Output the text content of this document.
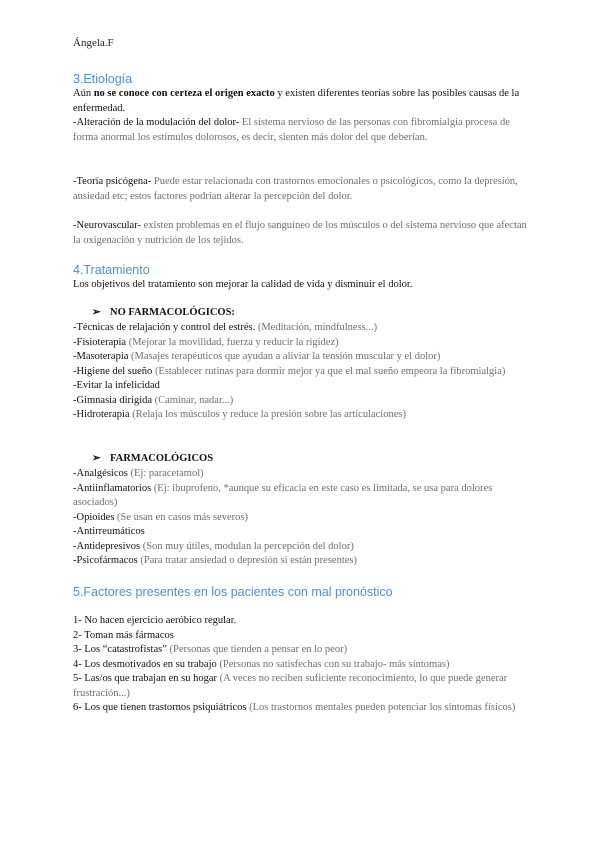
Ángela.F
3.Etiología
Aún no se conoce con certeza el origen exacto y existen diferentes teorías sobre las posibles causas de la enfermedad.
-Alteración de la modulación del dolor- El sistema nervioso de las personas con fibromialgia procesa de forma anormal los estímulos dolorosos, es decir, sienten más dolor del que deberían.
-Teoría psicógena- Puede estar relacionada con trastornos emocionales o psicológicos, como la depresión, ansiedad etc; estos factores podrían alterar la percepción del dolor.
-Neurovascular- existen problemas en el flujo sanguíneo de los músculos o del sistema nervioso que afectan la oxigenación y nutrición de los tejidos.
4.Tratamiento
Los objetivos del tratamiento son mejorar la calidad de vida y disminuir el dolor.
➢ NO FARMACOLÓGICOS:
-Técnicas de relajación y control del estrés. (Meditación, mindfulness...)
-Fisioterapia (Mejorar la movilidad, fuerza y reducir la rigidez)
-Masoterapia (Masajes terapéuticos que ayudan a aliviar la tensión muscular y el dolor)
-Higiene del sueño (Establecer rutinas para dormir mejor ya que el mal sueño empeora la fibromialgia)
-Evitar la infelicidad
-Gimnasia dirigida (Caminar, nadar...)
-Hidroterapia (Relaja los músculos y reduce la presión sobre las articulaciones)
➢ FARMACOLÓGICOS
-Analgésicos (Ej: paracetamol)
-Antiinflamatorios (Ej: ibuprofeno, *aunque su eficacia en este caso es limitada, se usa para dolores asociados)
-Opioides (Se usan en casos más severos)
-Antirreumáticos
-Antidepresivos (Son muy útiles, modulan la percepción del dolor)
-Psicofármacos (Para tratar ansiedad o depresión si están presentes)
5.Factores presentes en los pacientes con mal pronóstico
1- No hacen ejercicio aeróbico regular.
2- Toman más fármacos
3- Los “catastrofistas” (Personas que tienden a pensar en lo peor)
4- Los desmotivados en su trabajo (Personas no satisfechas con su trabajo- más síntomas)
5- Las/os que trabajan en su hogar (A veces no reciben suficiente reconocimiento, lo que puede generar frustración...)
6- Los que tienen trastornos psiquiátricos (Los trastornos mentales pueden potenciar los síntomas físicos)
